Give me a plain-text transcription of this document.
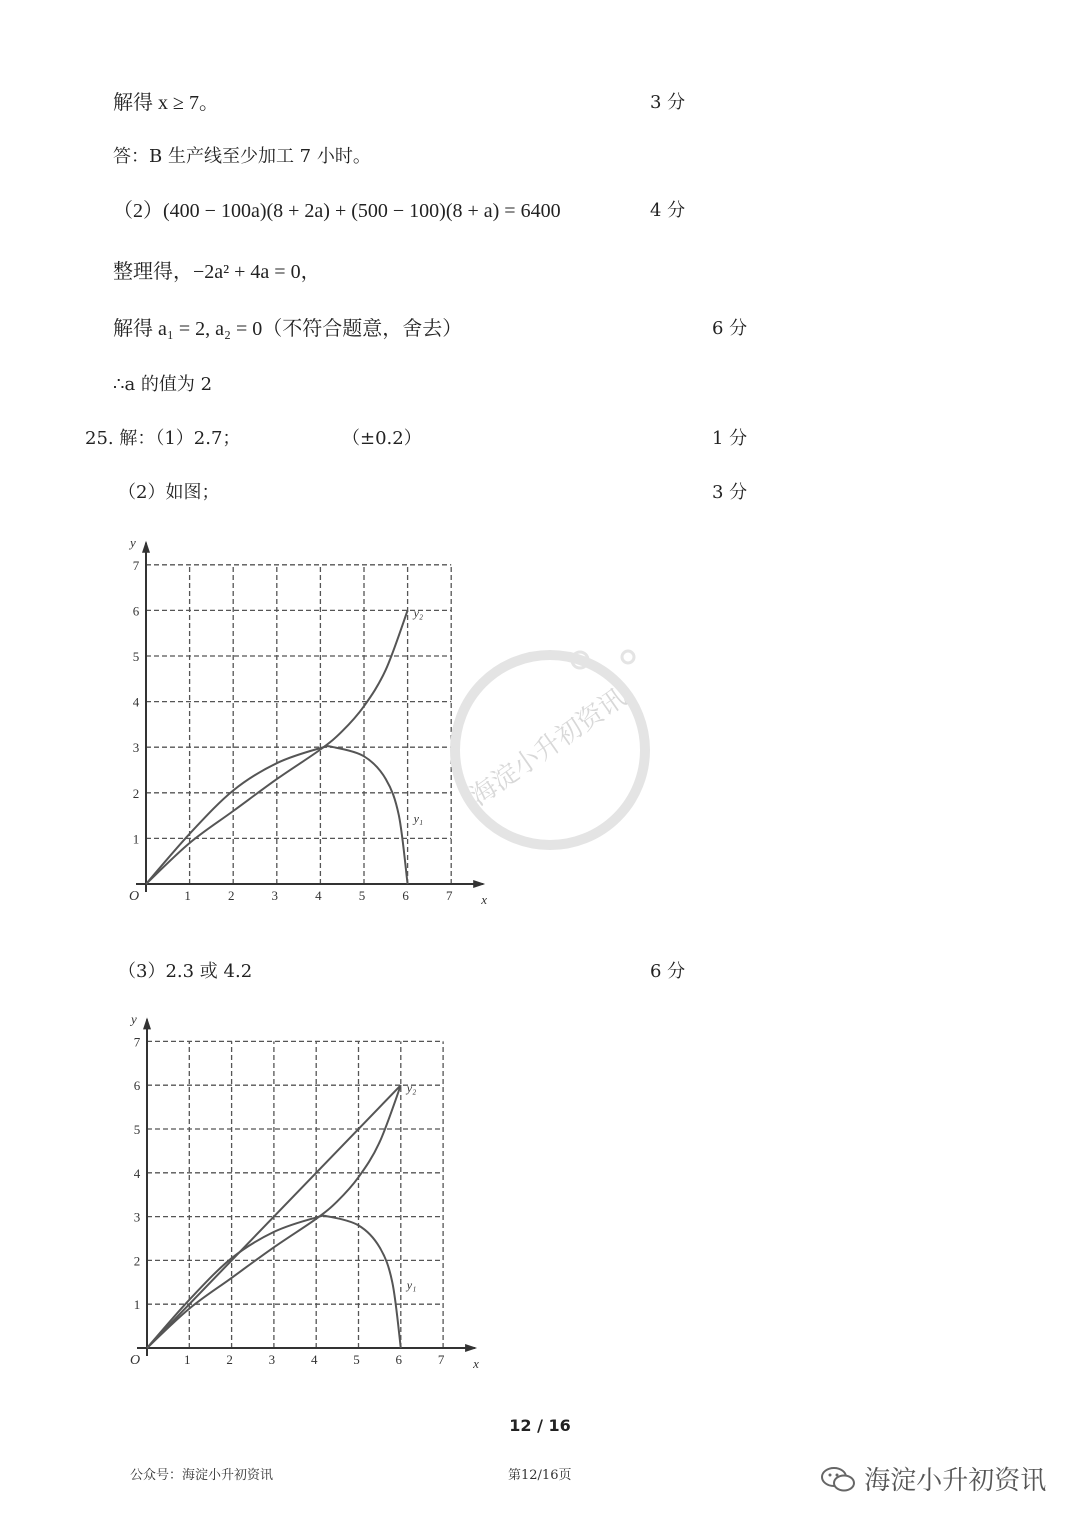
解得 x ≥ 7。	3 分
答：B 生产线至少加工 7 小时。
（2）(400 − 100a)(8 + 2a) + (500 − 100)(8 + a) = 6400	4 分
整理得，−2a² + 4a = 0，
解得 a₁ = 2, a₂ = 0（不符合题意，舍去）	6 分
∴a 的值为 2
25. 解：（1）2.7；	（±0.2）	1 分
（2）如图；	3 分
（3）2.3 或 4.2	6 分
1	2	3	4	5	6	7
1
2
3
4
5
6
7
O	x
y
y₁
y₂
1	2	3	4	5	6	7
1
2
3
4
5
6
7
O	x
y
y₁
y₂
海淀小升初资讯
12 / 16
公众号：海淀小升初资讯	第12/16页	海淀小升初资讯
